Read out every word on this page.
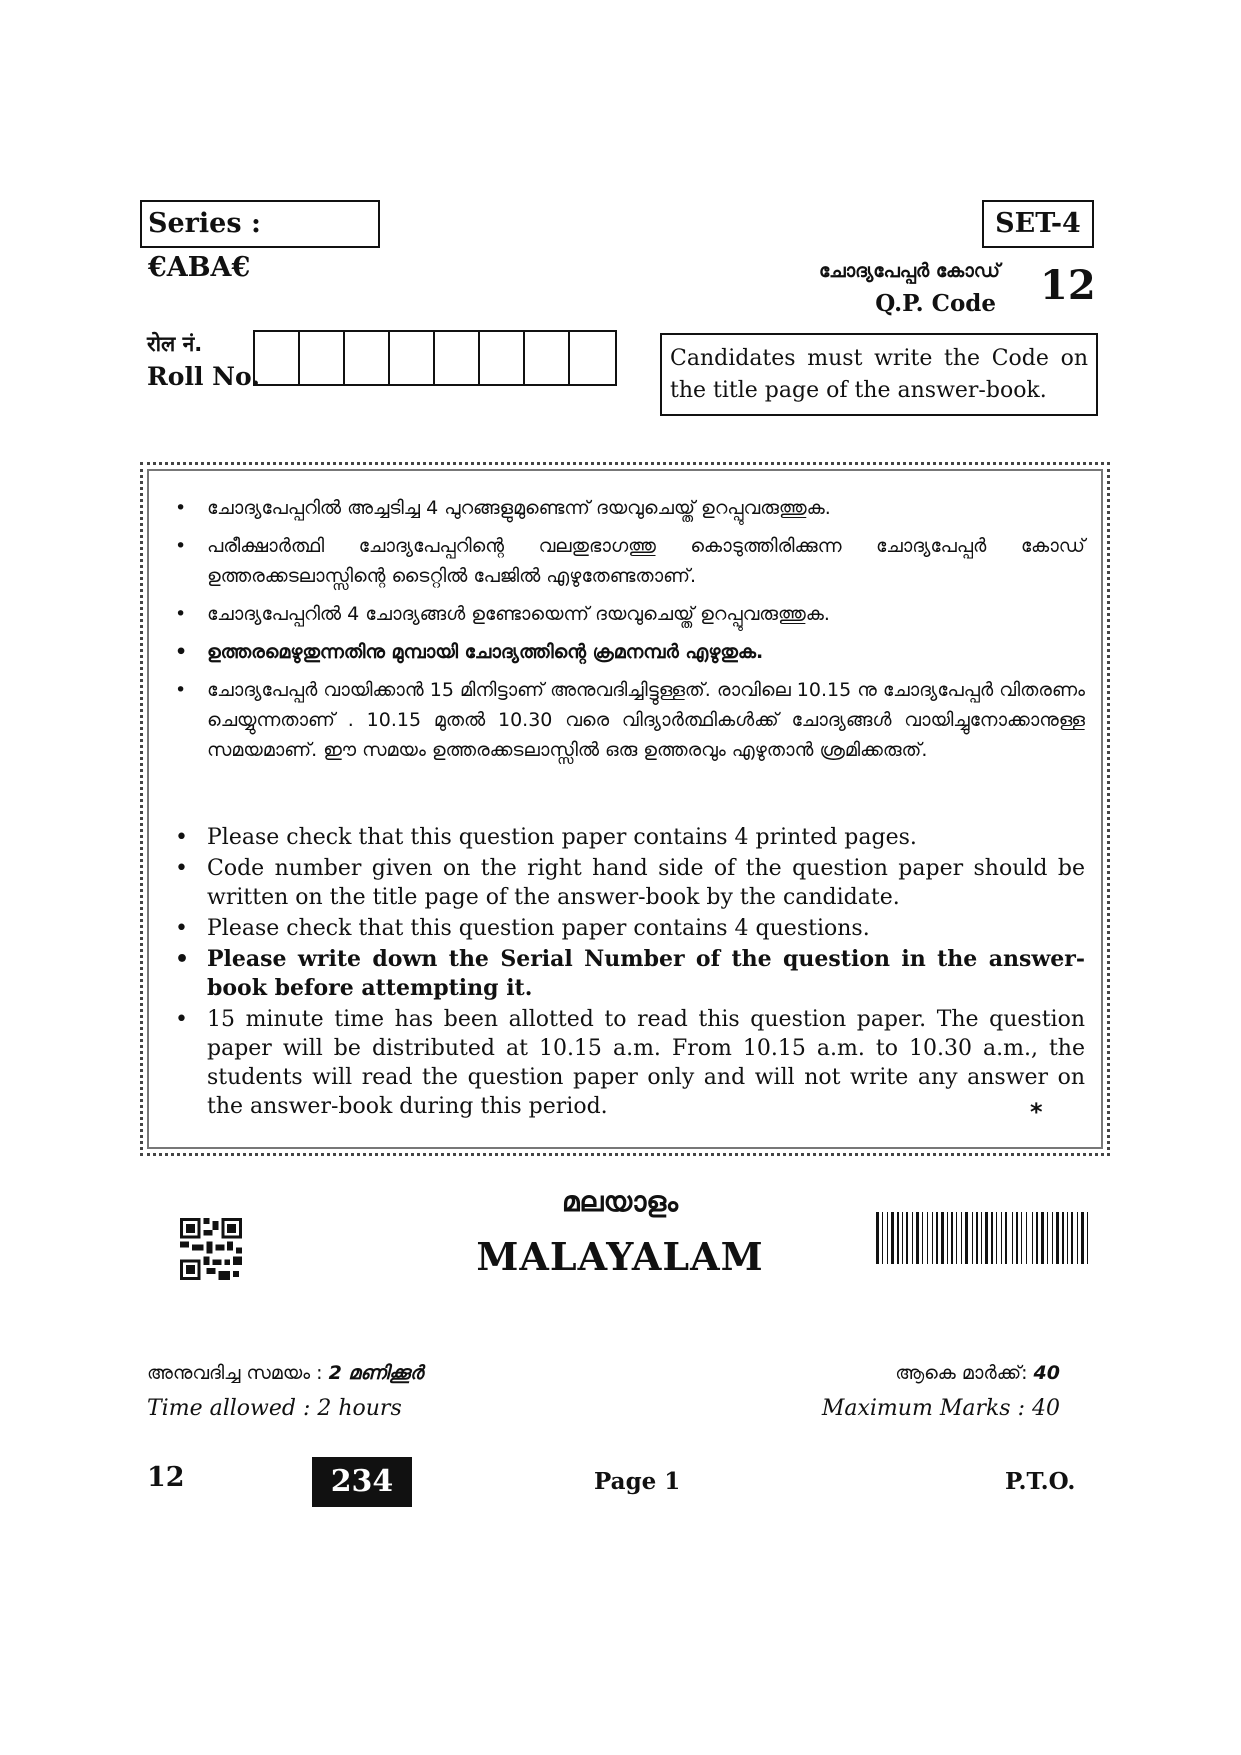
Series : €ABA€
SET-4
ചോദ്യപേപ്പർ കോഡ്
Q.P. Code 12
रोल नं.
Roll No.
Candidates must write the Code on the title page of the answer-book.
• ചോദ്യപേപ്പറിൽ അച്ചടിച്ച 4 പുറങ്ങളുമുണ്ടെന്ന് ദയവുചെയ്ത് ഉറപ്പുവരുത്തുക.
• പരീക്ഷാർത്ഥി ചോദ്യപേപ്പറിന്റെ വലതുഭാഗത്തു കൊടുത്തിരിക്കുന്ന ചോദ്യപേപ്പർ കോഡ് ഉത്തരക്കടലാസ്സിന്റെ ടൈറ്റിൽ പേജിൽ എഴുതേണ്ടതാണ്.
• ചോദ്യപേപ്പറിൽ 4 ചോദ്യങ്ങൾ ഉണ്ടോയെന്ന് ദയവുചെയ്ത് ഉറപ്പുവരുത്തുക.
• ഉത്തരമെഴുതുന്നതിനു മുമ്പായി ചോദ്യത്തിന്റെ ക്രമനമ്പർ എഴുതുക.
• ചോദ്യപേപ്പർ വായിക്കാൻ 15 മിനിട്ടാണ് അനുവദിച്ചിട്ടുള്ളത്. രാവിലെ 10.15 നു ചോദ്യപേപ്പർ വിതരണം ചെയ്യുന്നതാണ് . 10.15 മുതൽ 10.30 വരെ വിദ്യാർത്ഥികൾക്ക് ചോദ്യങ്ങൾ വായിച്ചുനോക്കാനുള്ള സമയമാണ്. ഈ സമയം ഉത്തരക്കടലാസ്സിൽ ഒരു ഉത്തരവും എഴുതാൻ ശ്രമിക്കരുത്.
• Please check that this question paper contains 4 printed pages.
• Code number given on the right hand side of the question paper should be written on the title page of the answer-book by the candidate.
• Please check that this question paper contains 4 questions.
• Please write down the Serial Number of the question in the answer-book before attempting it.
• 15 minute time has been allotted to read this question paper. The question paper will be distributed at 10.15 a.m. From 10.15 a.m. to 10.30 a.m., the students will read the question paper only and will not write any answer on the answer-book during this period.	*
മലയാളം
MALAYALAM
അനുവദിച്ച സമയം : 2 മണിക്കൂർ
Time allowed : 2 hours
ആകെ മാർക്ക്: 40
Maximum Marks : 40
12	234	Page 1	P.T.O.
